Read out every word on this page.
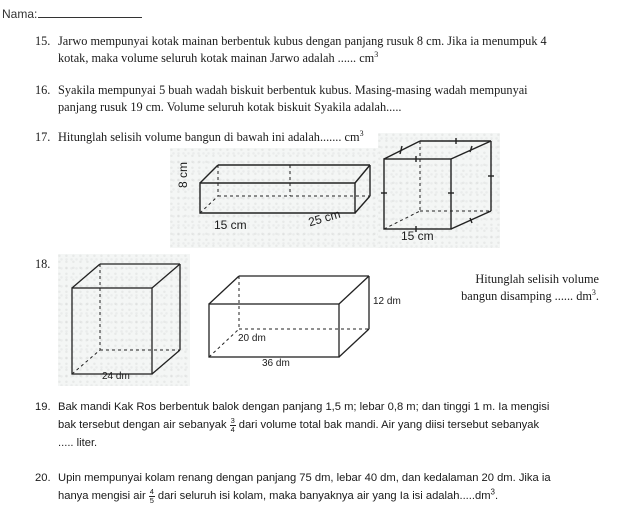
Nama:
15. Jarwo mempunyai kotak mainan berbentuk kubus dengan panjang rusuk 8 cm. Jika ia menumpuk 4
kotak, maka volume seluruh kotak mainan Jarwo adalah ...... $cm^3$
16. Syakila mempunyai 5 buah wadah biskuit berbentuk kubus. Masing-masing wadah mempunyai
panjang rusuk 19 cm. Volume seluruh kotak biskuit Syakila adalah.....
17. Hitunglah selisih volume bangun di bawah ini adalah....... $cm^3$
8 cm
15 cm	25 cm
15 cm
18.
24 dm
12 dm
20 dm
36 dm
Hitunglah selisih volume
bangun disamping ...... $dm^3$.
19. Bak mandi Kak Ros berbentuk balok dengan panjang 1,5 m; lebar 0,8 m; dan tinggi 1 m. Ia mengisi
bak tersebut dengan air sebanyak $\frac{3}{4}$ dari volume total bak mandi. Air yang diisi tersebut sebanyak
..... liter.
20. Upin mempunyai kolam renang dengan panjang 75 dm, lebar 40 dm, dan kedalaman 20 dm. Jika ia
hanya mengisi air $\frac{4}{5}$ dari seluruh isi kolam, maka banyaknya air yang Ia isi $adalah.....dm^3$.
